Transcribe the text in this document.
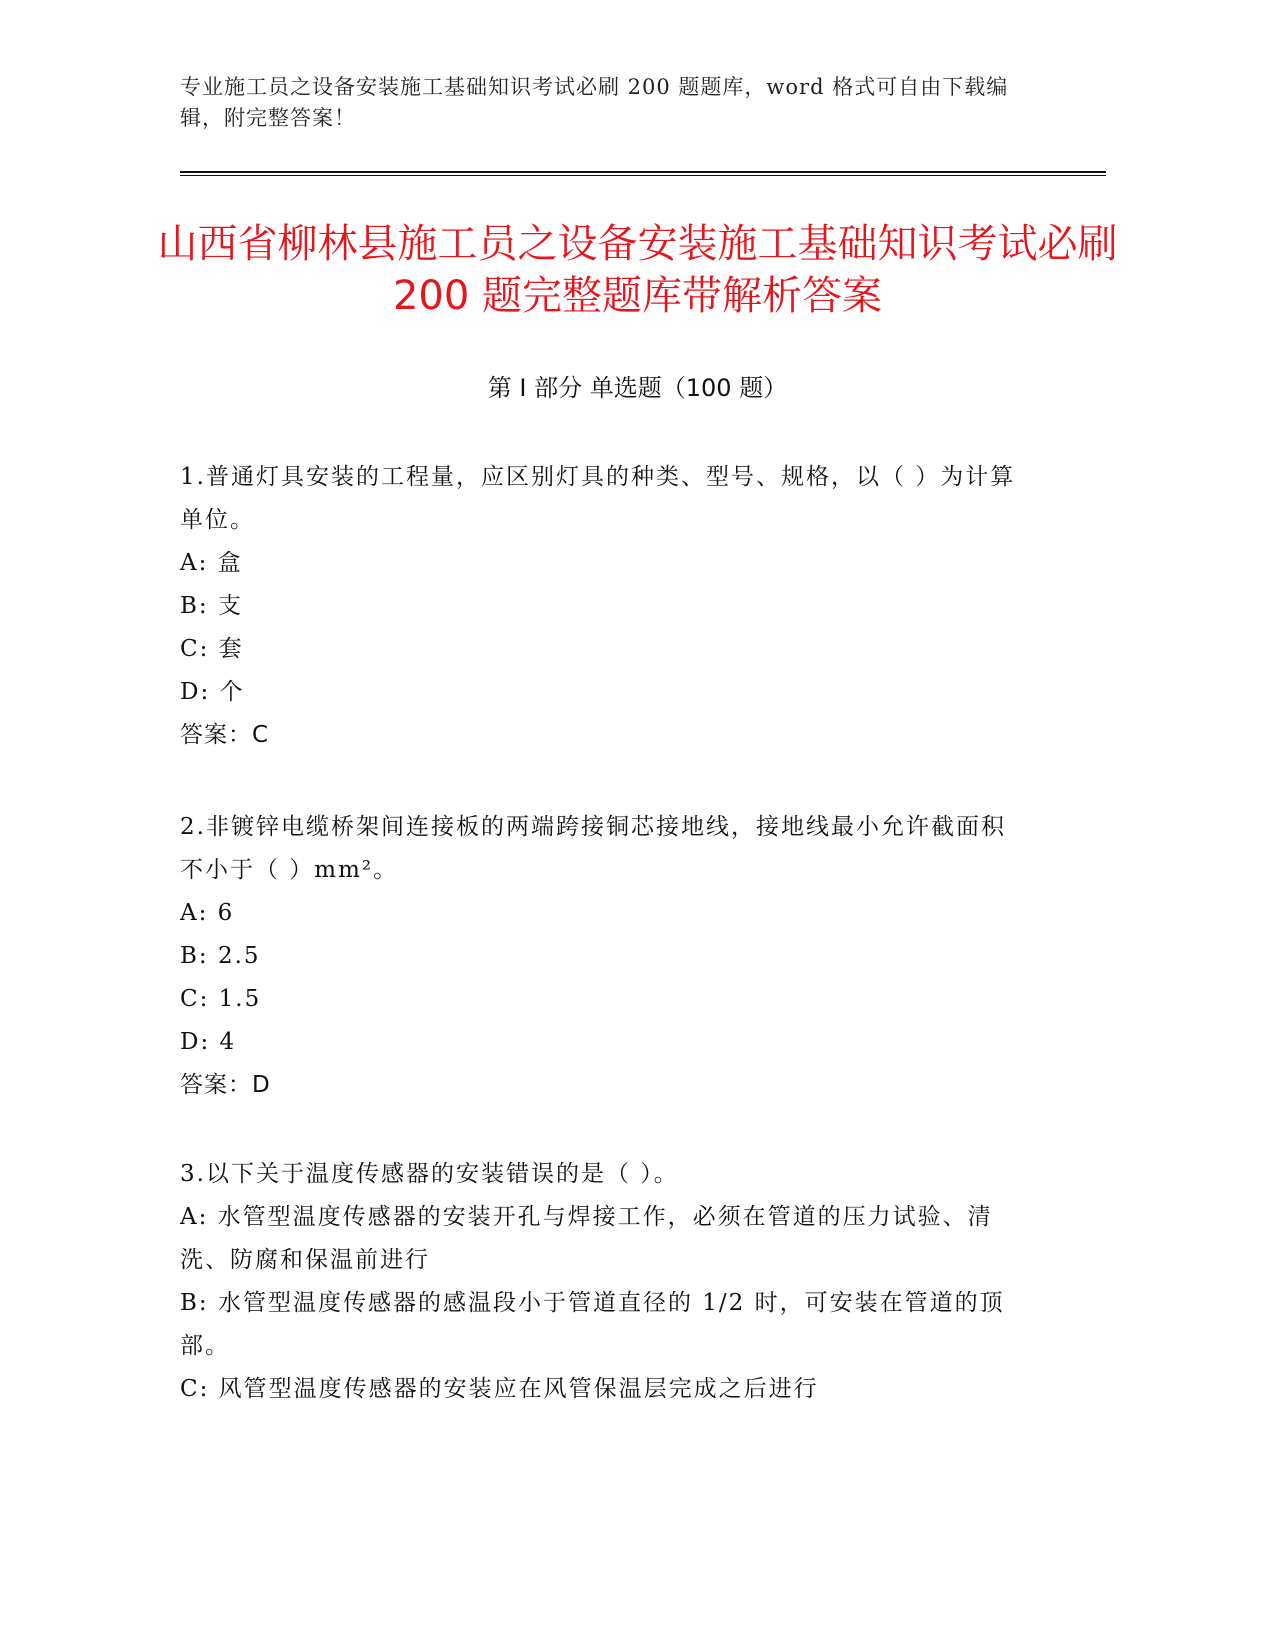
专业施工员之设备安装施工基础知识考试必刷 200 题题库，word 格式可自由下载编辑，附完整答案！
山西省柳林县施工员之设备安装施工基础知识考试必刷 200 题完整题库带解析答案
第 I 部分 单选题（100 题）

1.普通灯具安装的工程量，应区别灯具的种类、型号、规格，以（ ）为计算单位。

A: 盒

B: 支

C: 套

D: 个

答案：C

2.非镀锌电缆桥架间连接板的两端跨接铜芯接地线，接地线最小允许截面积不小于（ ）mm²。

A: 6

B: 2.5

C: 1.5

D: 4

答案：D

3.以下关于温度传感器的安装错误的是（ ）。

A: 水管型温度传感器的安装开孔与焊接工作，必须在管道的压力试验、清洗、防腐和保温前进行

B: 水管型温度传感器的感温段小于管道直径的 1/2 时，可安装在管道的顶部。

C: 风管型温度传感器的安装应在风管保温层完成之后进行
